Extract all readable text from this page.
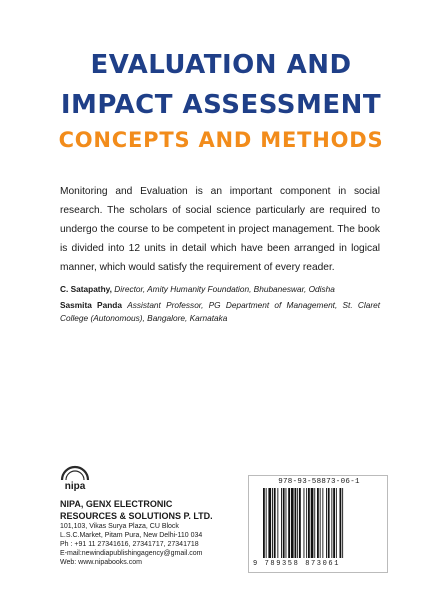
EVALUATION AND
IMPACT ASSESSMENT
CONCEPTS AND METHODS

Monitoring and Evaluation is an important component in social research. The scholars of social science particularly are required to undergo the course to be competent in project management. The book is divided into 12 units in detail which have been arranged in logical manner, which would satisfy the requirement of every reader.

C. Satapathy, Director, Amity Humanity Foundation, Bhubaneswar, Odisha

Sasmita Panda Assistant Professor, PG Department of Management, St. Claret College (Autonomous), Bangalore, Karnataka

nipa
NIPA, GENX ELECTRONIC
RESOURCES & SOLUTIONS P. LTD.
101,103, Vikas Surya Plaza, CU Block
L.S.C.Market, Pitam Pura, New Delhi-110 034
Ph : +91 11 27341616, 27341717, 27341718
E-mail:newindiapublishingagency@gmail.com
Web: www.nipabooks.com
978-93-58873-06-1
9 789358 873061
